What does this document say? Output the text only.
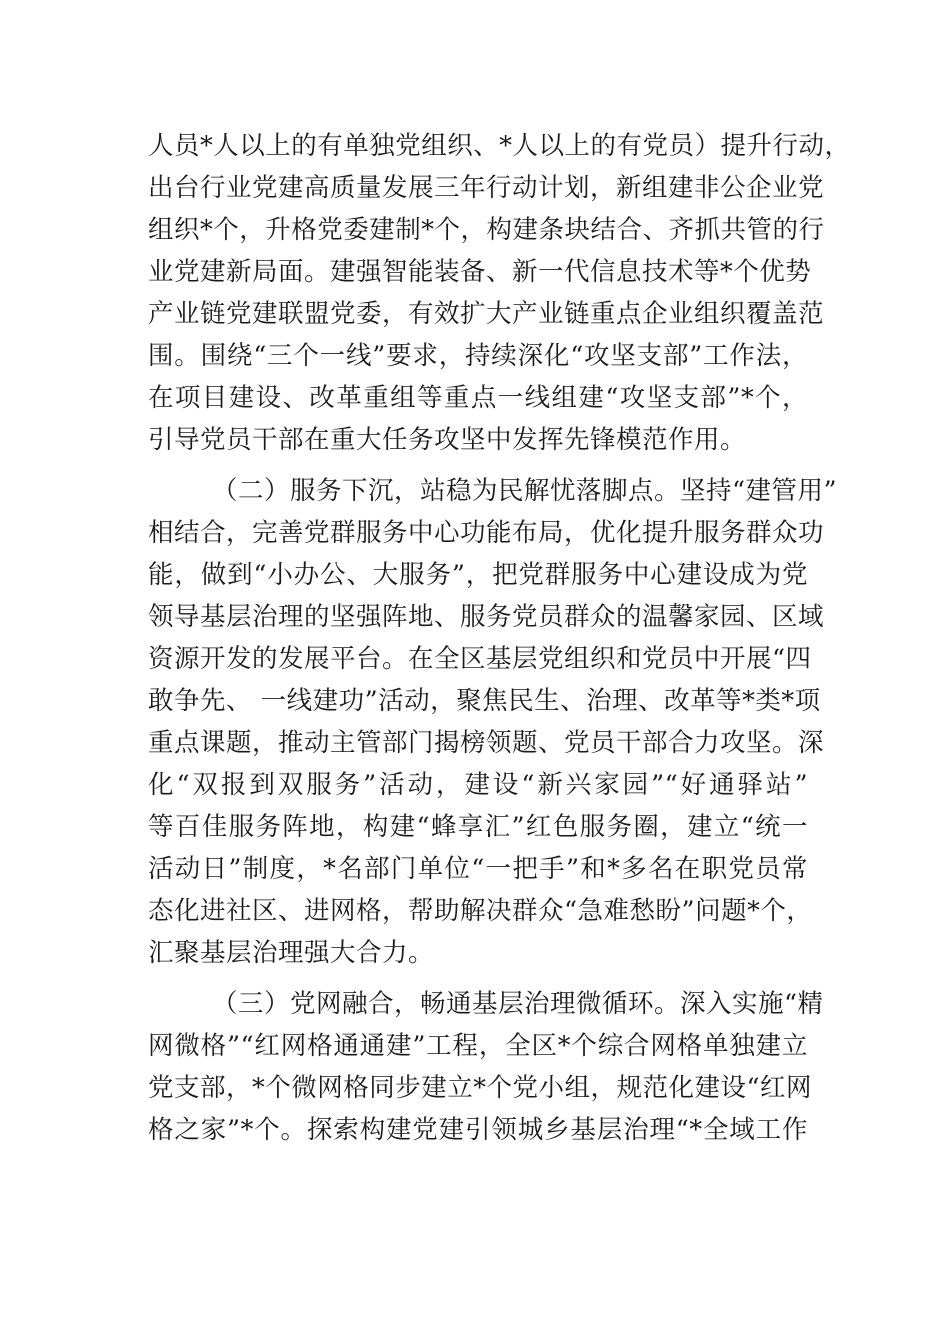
人员*人以上的有单独党组织、*人以上的有党员）提升行动，
出台行业党建高质量发展三年行动计划，新组建非公企业党
组织*个，升格党委建制*个，构建条块结合、齐抓共管的行
业党建新局面。建强智能装备、新一代信息技术等*个优势
产业链党建联盟党委，有效扩大产业链重点企业组织覆盖范
围。围绕“三个一线”要求，持续深化“攻坚支部”工作法，
在项目建设、改革重组等重点一线组建“攻坚支部”*个，
引导党员干部在重大任务攻坚中发挥先锋模范作用。
（二）服务下沉，站稳为民解忧落脚点。坚持“建管用”
相结合，完善党群服务中心功能布局，优化提升服务群众功
能，做到“小办公、大服务”，把党群服务中心建设成为党
领导基层治理的坚强阵地、服务党员群众的温馨家园、区域
资源开发的发展平台。在全区基层党组织和党员中开展“四
敢争先、 一线建功”活动，聚焦民生、治理、改革等*类*项
重点课题，推动主管部门揭榜领题、党员干部合力攻坚。深
化“双报到双服务”活动，建设“新兴家园”“好通驿站”
等百佳服务阵地，构建“蜂享汇”红色服务圈，建立“统一
活动日”制度，*名部门单位“一把手”和*多名在职党员常
态化进社区、进网格，帮助解决群众“急难愁盼”问题*个，
汇聚基层治理强大合力。
（三）党网融合，畅通基层治理微循环。深入实施“精
网微格”“红网格通通建”工程，全区*个综合网格单独建立
党支部，*个微网格同步建立*个党小组，规范化建设“红网
格之家”*个。探索构建党建引领城乡基层治理“*全域工作
